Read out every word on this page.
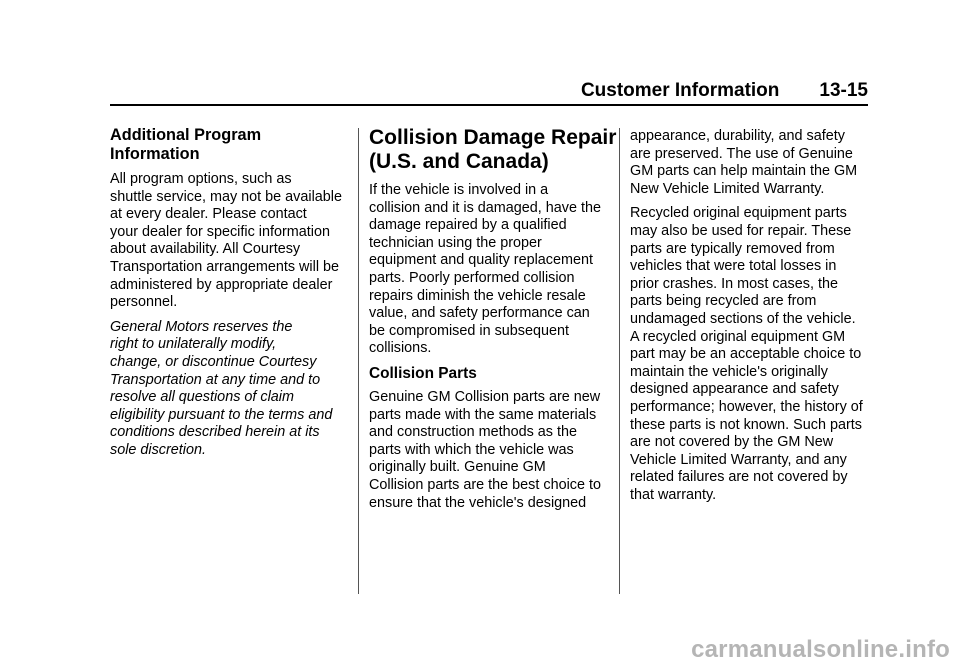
Customer Information 13-15
Additional Program
Information

All program options, such as
shuttle service, may not be available
at every dealer. Please contact
your dealer for specific information
about availability. All Courtesy
Transportation arrangements will be
administered by appropriate dealer
personnel.

General Motors reserves the
right to unilaterally modify,
change, or discontinue Courtesy
Transportation at any time and to
resolve all questions of claim
eligibility pursuant to the terms and
conditions described herein at its
sole discretion.

Collision Damage Repair
(U.S. and Canada)

If the vehicle is involved in a
collision and it is damaged, have the
damage repaired by a qualified
technician using the proper
equipment and quality replacement
parts. Poorly performed collision
repairs diminish the vehicle resale
value, and safety performance can
be compromised in subsequent
collisions.

Collision Parts

Genuine GM Collision parts are new
parts made with the same materials
and construction methods as the
parts with which the vehicle was
originally built. Genuine GM
Collision parts are the best choice to
ensure that the vehicle's designed

appearance, durability, and safety
are preserved. The use of Genuine
GM parts can help maintain the GM
New Vehicle Limited Warranty.

Recycled original equipment parts
may also be used for repair. These
parts are typically removed from
vehicles that were total losses in
prior crashes. In most cases, the
parts being recycled are from
undamaged sections of the vehicle.
A recycled original equipment GM
part may be an acceptable choice to
maintain the vehicle's originally
designed appearance and safety
performance; however, the history of
these parts is not known. Such parts
are not covered by the GM New
Vehicle Limited Warranty, and any
related failures are not covered by
that warranty.

carmanualsonline.info
